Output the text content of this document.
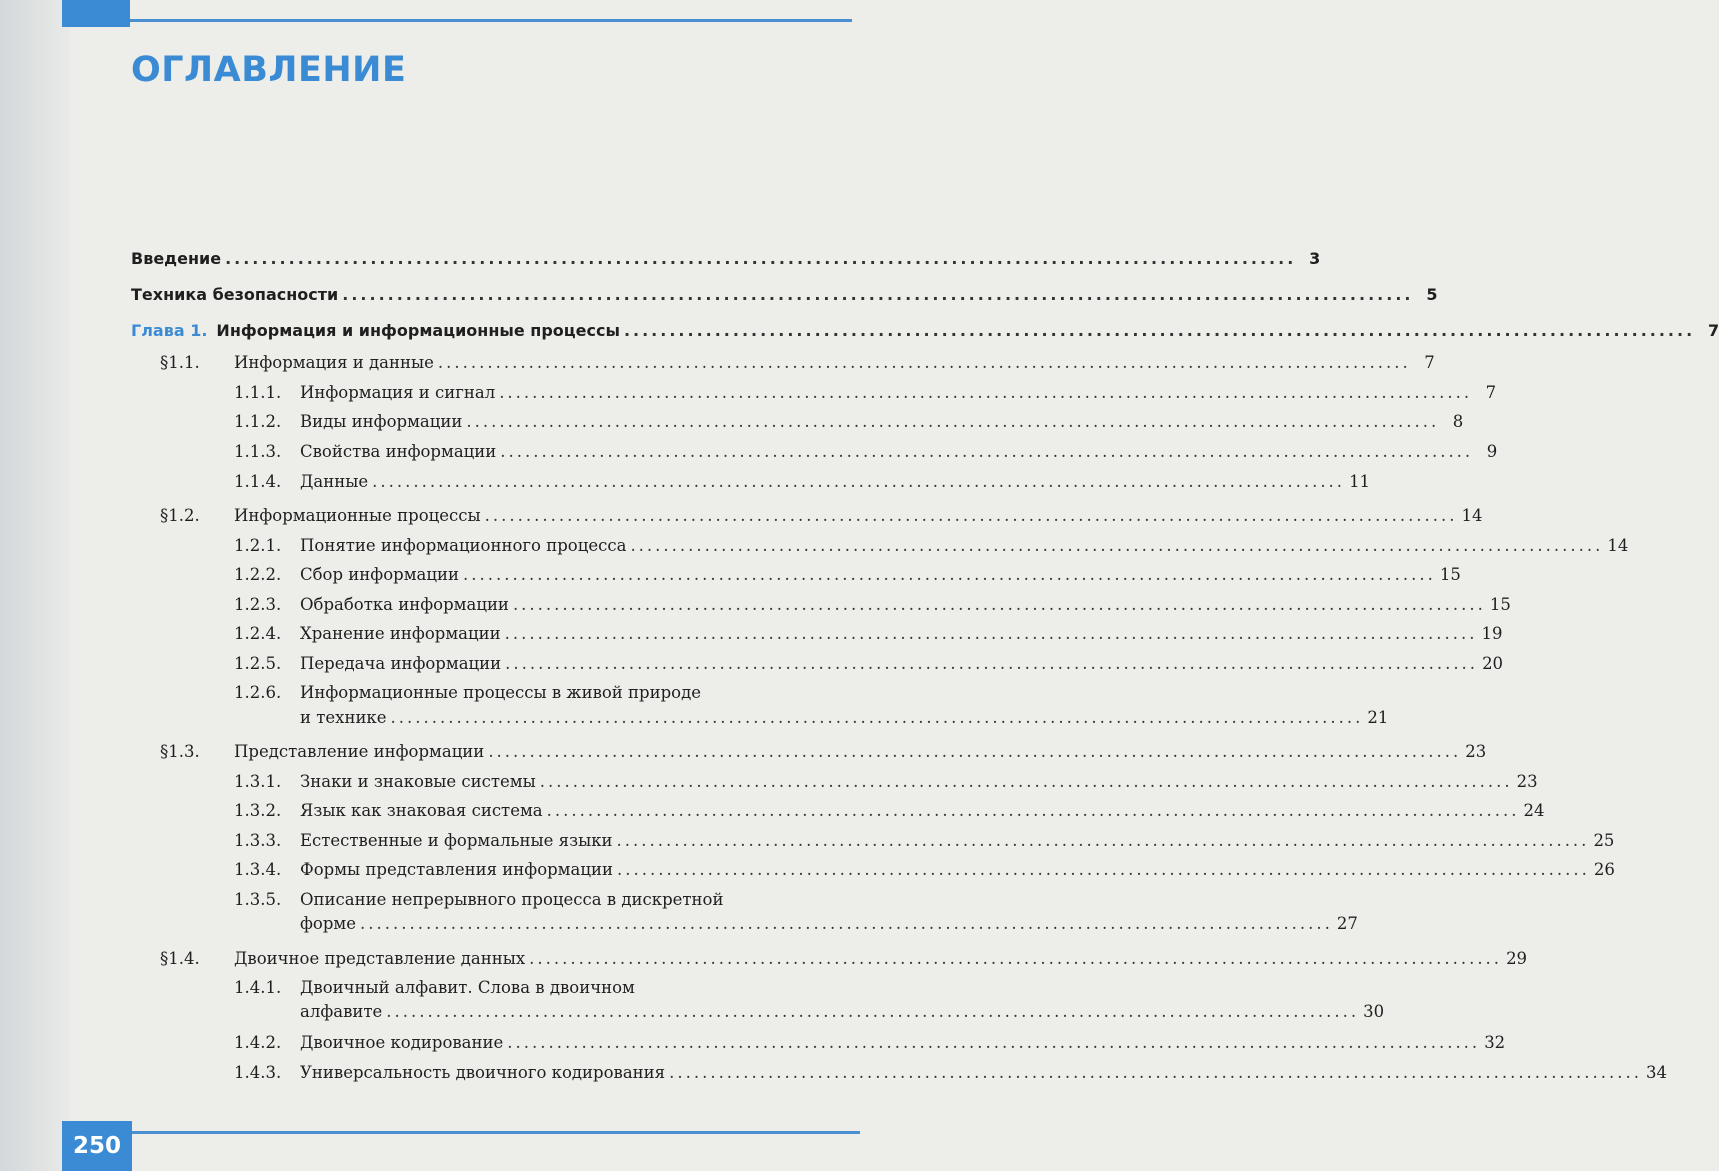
ОГЛАВЛЕНИЕ
Введение ...................................................................................................................... 3
Техника безопасности ...................................................................................................................... 5
Глава 1. Информация и информационные процессы ...................................................................................................................... 7
§1.1.	Информация и данные ...................................................................................................................... 7
1.1.1.	Информация и сигнал ...................................................................................................................... 7
1.1.2.	Виды информации ...................................................................................................................... 8
1.1.3.	Свойства информации ...................................................................................................................... 9
1.1.4.	Данные ...................................................................................................................... 11
§1.2.	Информационные процессы ...................................................................................................................... 14
1.2.1.	Понятие информационного процесса ...................................................................................................................... 14
1.2.2.	Сбор информации ...................................................................................................................... 15
1.2.3.	Обработка информации ...................................................................................................................... 15
1.2.4.	Хранение информации ...................................................................................................................... 19
1.2.5.	Передача информации ...................................................................................................................... 20
1.2.6. Информационные процессы в живой природе
и технике ...................................................................................................................... 21
§1.3.	Представление информации ...................................................................................................................... 23
1.3.1.	Знаки и знаковые системы ...................................................................................................................... 23
1.3.2.	Язык как знаковая система ...................................................................................................................... 24
1.3.3.	Естественные и формальные языки ...................................................................................................................... 25
1.3.4.	Формы представления информации ...................................................................................................................... 26
1.3.5. Описание непрерывного процесса в дискретной
форме ...................................................................................................................... 27
§1.4.	Двоичное представление данных ...................................................................................................................... 29
1.4.1. Двоичный алфавит. Слова в двоичном
алфавите ...................................................................................................................... 30
1.4.2.	Двоичное кодирование ...................................................................................................................... 32
1.4.3.	Универсальность двоичного кодирования ...................................................................................................................... 34
250
